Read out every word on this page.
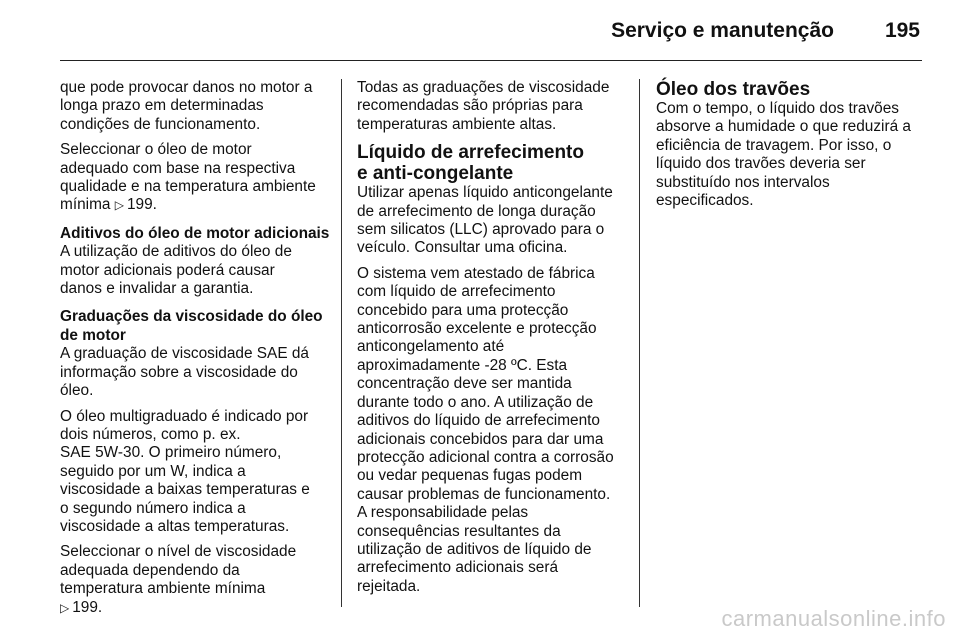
Serviço e manutenção 195

que pode provocar danos no motor a
longa prazo em determinadas
condições de funcionamento.

Seleccionar o óleo de motor
adequado com base na respectiva
qualidade e na temperatura ambiente
mínima ▷ 199.

Aditivos do óleo de motor adicionais

A utilização de aditivos do óleo de
motor adicionais poderá causar
danos e invalidar a garantia.

Graduações da viscosidade do óleo
de motor

A graduação de viscosidade SAE dá
informação sobre a viscosidade do
óleo.

O óleo multigraduado é indicado por
dois números, como p. ex.
SAE 5W-30. O primeiro número,
seguido por um W, indica a
viscosidade a baixas temperaturas e
o segundo número indica a
viscosidade a altas temperaturas.

Seleccionar o nível de viscosidade
adequada dependendo da
temperatura ambiente mínima
▷ 199.

Todas as graduações de viscosidade
recomendadas são próprias para
temperaturas ambiente altas.

Líquido de arrefecimento
e anti-congelante

Utilizar apenas líquido anticongelante
de arrefecimento de longa duração
sem silicatos (LLC) aprovado para o
veículo. Consultar uma oficina.

O sistema vem atestado de fábrica
com líquido de arrefecimento
concebido para uma protecção
anticorrosão excelente e protecção
anticongelamento até
aproximadamente -28 ºC. Esta
concentração deve ser mantida
durante todo o ano. A utilização de
aditivos do líquido de arrefecimento
adicionais concebidos para dar uma
protecção adicional contra a corrosão
ou vedar pequenas fugas podem
causar problemas de funcionamento.
A responsabilidade pelas
consequências resultantes da
utilização de aditivos de líquido de
arrefecimento adicionais será
rejeitada.

Óleo dos travões

Com o tempo, o líquido dos travões
absorve a humidade o que reduzirá a
eficiência de travagem. Por isso, o
líquido dos travões deveria ser
substituído nos intervalos
especificados.

carmanualsonline.info
